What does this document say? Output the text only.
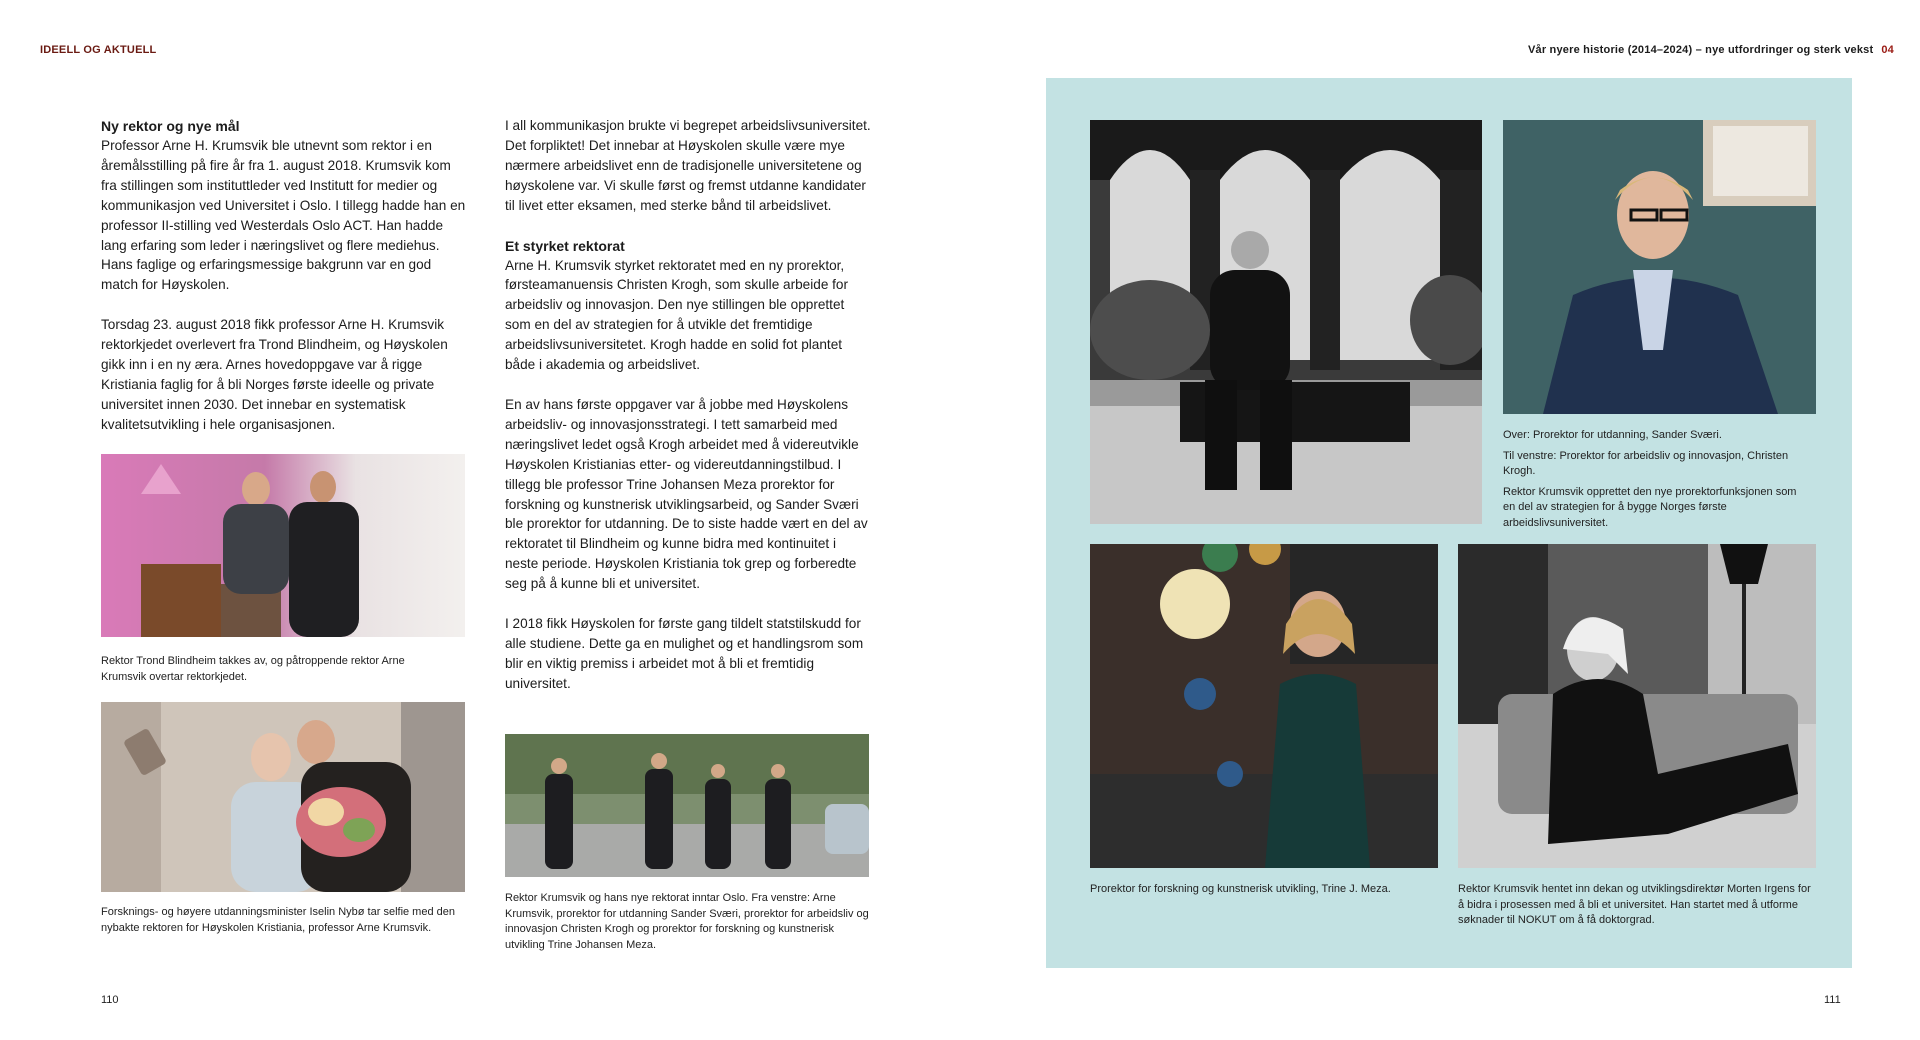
IDEELL OG AKTUELL	Vår nyere historie (2014–2024) – nye utfordringer og sterk vekst 04
Ny rektor og nye mål

Professor Arne H. Krumsvik ble utnevnt som rektor i en åremålsstilling på fire år fra 1. august 2018. Krumsvik kom fra stillingen som instituttleder ved Institutt for medier og kommunikasjon ved Universitet i Oslo. I tillegg hadde han en professor II-stilling ved Westerdals Oslo ACT. Han hadde lang erfaring som leder i næringslivet og flere mediehus. Hans faglige og erfaringsmessige bakgrunn var en god match for Høyskolen.

Torsdag 23. august 2018 fikk professor Arne H. Krumsvik rektorkjedet overlevert fra Trond Blindheim, og Høyskolen gikk inn i en ny æra. Arnes hovedoppgave var å rigge Kristiania faglig for å bli Norges første ideelle og private universitet innen 2030. Det innebar en systematisk kvalitetsutvikling i hele organisasjonen.

Rektor Trond Blindheim takkes av, og påtroppende rektor Arne Krumsvik overtar rektorkjedet.
Forsknings- og høyere utdanningsminister Iselin Nybø tar selfie med den nybakte rektoren for Høyskolen Kristiania, professor Arne Krumsvik.

I all kommunikasjon brukte vi begrepet arbeidslivsuniversitet. Det forpliktet! Det innebar at Høyskolen skulle være mye nærmere arbeidslivet enn de tradisjonelle universitetene og høyskolene var. Vi skulle først og fremst utdanne kandidater til livet etter eksamen, med sterke bånd til arbeidslivet.

Et styrket rektorat

Arne H. Krumsvik styrket rektoratet med en ny prorektor, førsteamanuensis Christen Krogh, som skulle arbeide for arbeidsliv og innovasjon. Den nye stillingen ble opprettet som en del av strategien for å utvikle det fremtidige arbeidslivsuniversitetet. Krogh hadde en solid fot plantet både i akademia og arbeidslivet.

En av hans første oppgaver var å jobbe med Høyskolens arbeidsliv- og innovasjonsstrategi. I tett samarbeid med næringslivet ledet også Krogh arbeidet med å videreutvikle Høyskolen Kristianias etter- og videreutdanningstilbud. I tillegg ble professor Trine Johansen Meza prorektor for forskning og kunstnerisk utviklingsarbeid, og Sander Sværi ble prorektor for utdanning. De to siste hadde vært en del av rektoratet til Blindheim og kunne bidra med kontinuitet i neste periode. Høyskolen Kristiania tok grep og forberedte seg på å kunne bli et universitet.

I 2018 fikk Høyskolen for første gang tildelt statstilskudd for alle studiene. Dette ga en mulighet og et handlingsrom som blir en viktig premiss i arbeidet mot å bli et fremtidig universitet.

Rektor Krumsvik og hans nye rektorat inntar Oslo. Fra venstre: Arne Krumsvik, prorektor for utdanning Sander Sværi, prorektor for arbeidsliv og innovasjon Christen Krogh og prorektor for forskning og kunstnerisk utvikling Trine Johansen Meza.
110	111
Over: Prorektor for utdanning, Sander Sværi.
Til venstre: Prorektor for arbeidsliv og innovasjon, Christen Krogh.
Rektor Krumsvik opprettet den nye prorektorfunksjonen som en del av strategien for å bygge Norges første arbeidslivsuniversitet.
Prorektor for forskning og kunstnerisk utvikling, Trine J. Meza.	Rektor Krumsvik hentet inn dekan og utviklingsdirektør Morten Irgens for å bidra i prosessen med å bli et universitet. Han startet med å utforme søknader til NOKUT om å få doktorgrad.
